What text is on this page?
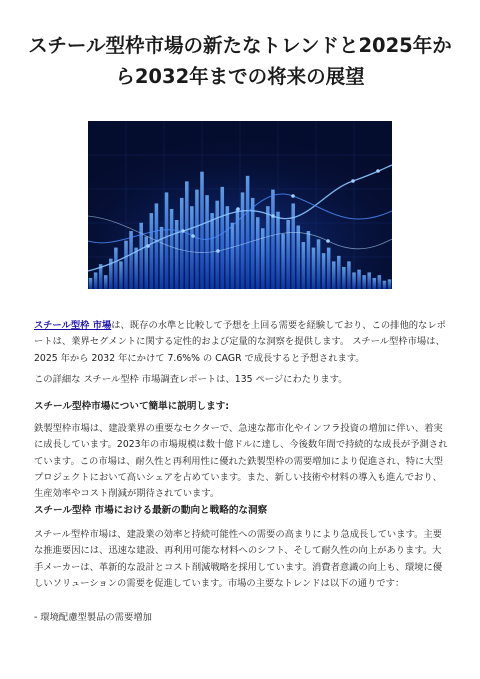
スチール型枠市場の新たなトレンドと2025年から2032年までの将来の展望

スチール型枠 市場は、既存の水準と比較して予想を上回る需要を経験しており、この排他的なレポートは、業界セグメントに関する定性的および定量的な洞察を提供します。 スチール型枠市場は、2025 年から 2032 年にかけて 7.6%% の CAGR で成長すると予想されます。

この詳細な スチール型枠 市場調査レポートは、135 ページにわたります。

スチール型枠市場について簡単に説明します:

鉄製型枠市場は、建設業界の重要なセクターで、急速な都市化やインフラ投資の増加に伴い、着実に成長しています。2023年の市場規模は数十億ドルに達し、今後数年間で持続的な成長が予測されています。この市場は、耐久性と再利用性に優れた鉄製型枠の需要増加により促進され、特に大型プロジェクトにおいて高いシェアを占めています。また、新しい技術や材料の導入も進んでおり、生産効率やコスト削減が期待されています。

スチール型枠 市場における最新の動向と戦略的な洞察

スチール型枠市場は、建設業の効率と持続可能性への需要の高まりにより急成長しています。主要な推進要因には、迅速な建設、再利用可能な材料へのシフト、そして耐久性の向上があります。大手メーカーは、革新的な設計とコスト削減戦略を採用しています。消費者意識の向上も、環境に優しいソリューションの需要を促進しています。市場の主要なトレンドは以下の通りです：

- 環境配慮型製品の需要増加
